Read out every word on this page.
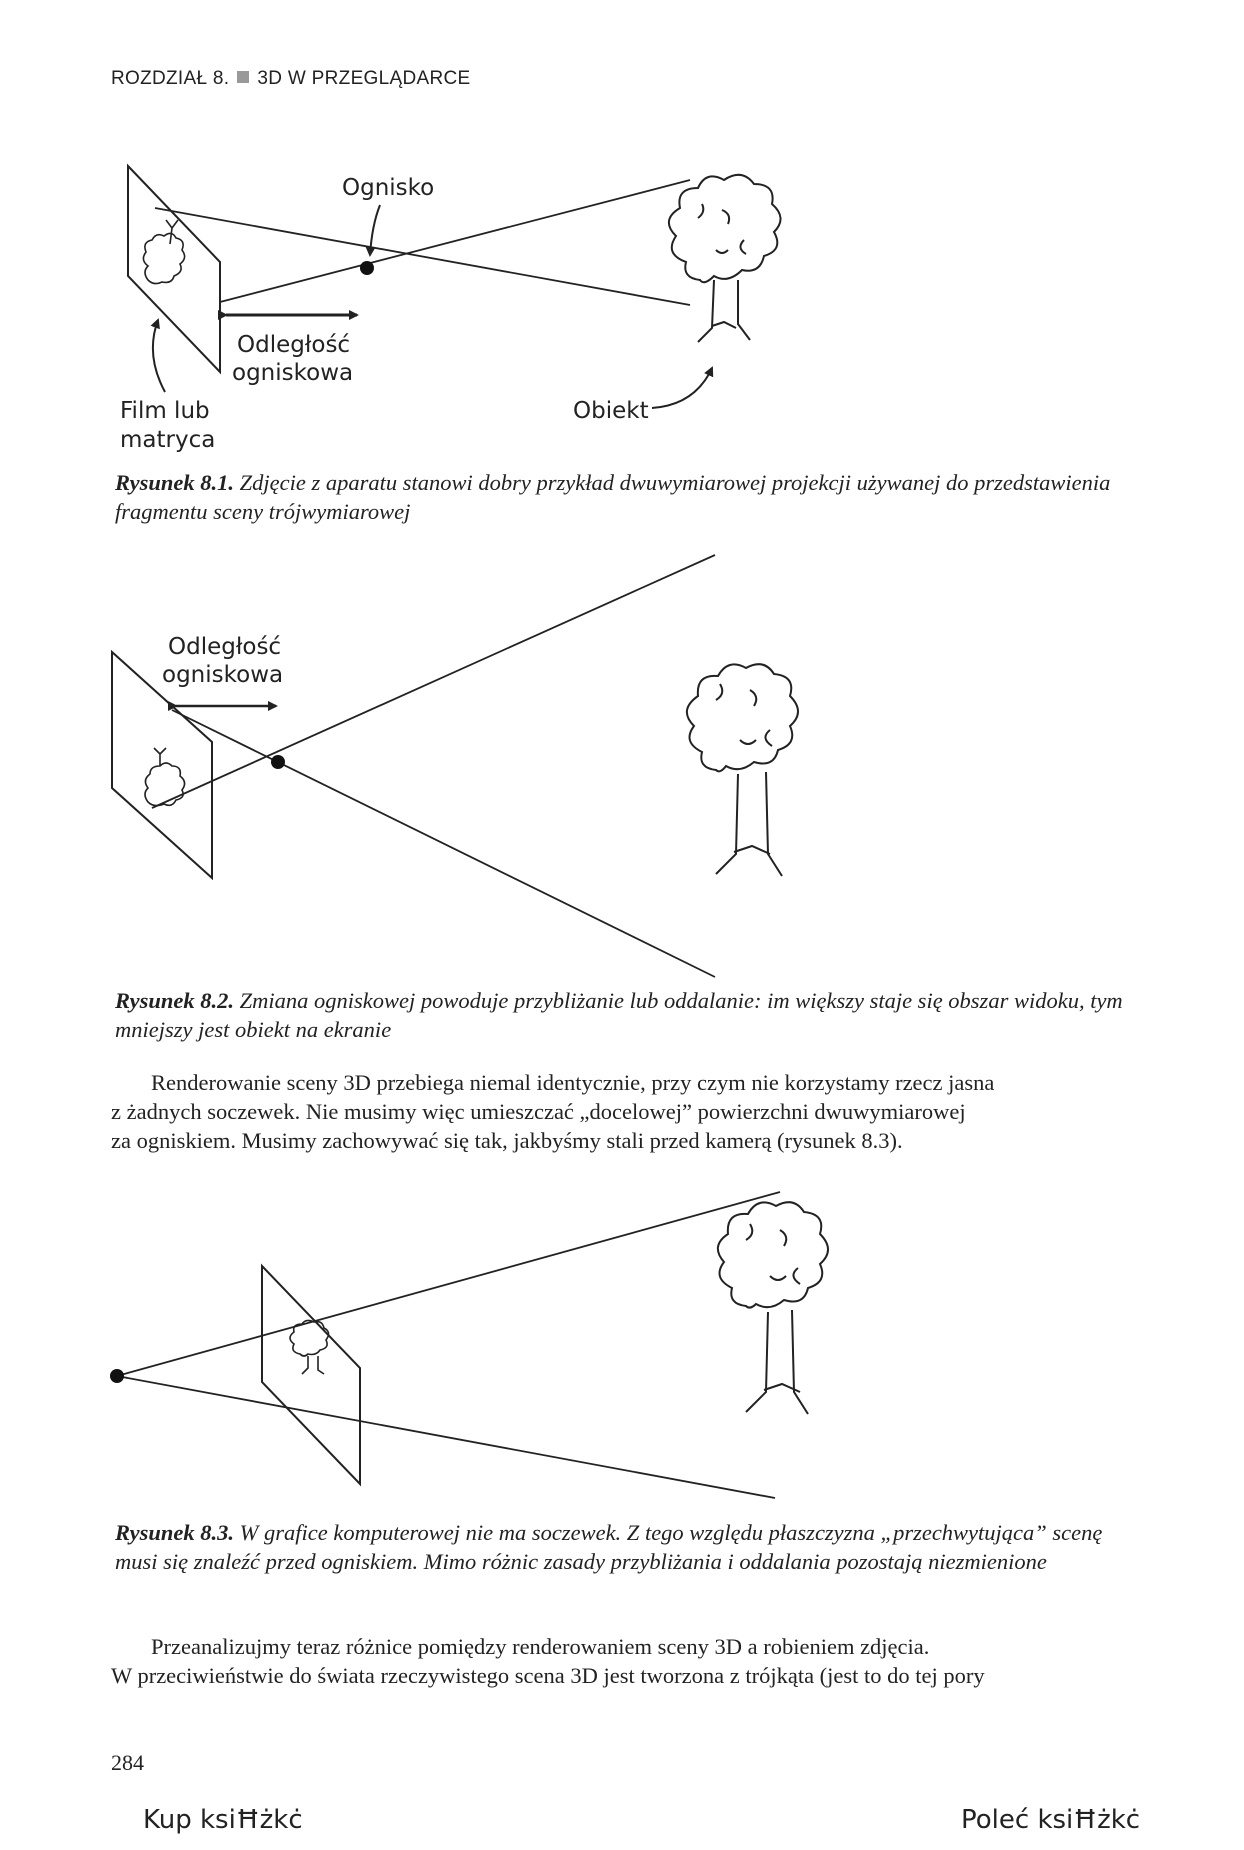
ROZDZIAŁ 8. 3D W PRZEGLĄDARCE
Ognisko
Odległość
ogniskowa
Film lub
matryca
Obiekt
Rysunek 8.1. Zdjęcie z aparatu stanowi dobry przykład dwuwymiarowej projekcji używanej do przedstawienia fragmentu sceny trójwymiarowej
Odległość
ogniskowa
Rysunek 8.2. Zmiana ogniskowej powoduje przybliżanie lub oddalanie: im większy staje się obszar widoku, tym mniejszy jest obiekt na ekranie
Renderowanie sceny 3D przebiega niemal identycznie, przy czym nie korzystamy rzecz jasna
z żadnych soczewek. Nie musimy więc umieszczać „docelowej” powierzchni dwuwymiarowej
za ogniskiem. Musimy zachowywać się tak, jakbyśmy stali przed kamerą (rysunek 8.3).
Rysunek 8.3. W grafice komputerowej nie ma soczewek. Z tego względu płaszczyzna „przechwytująca” scenę musi się znaleźć przed ogniskiem. Mimo różnic zasady przybliżania i oddalania pozostają niezmienione
Przeanalizujmy teraz różnice pomiędzy renderowaniem sceny 3D a robieniem zdjęcia.
W przeciwieństwie do świata rzeczywistego scena 3D jest tworzona z trójkąta (jest to do tej pory
284
Kup ksiĦżkċ	Poleć ksiĦżkċ
